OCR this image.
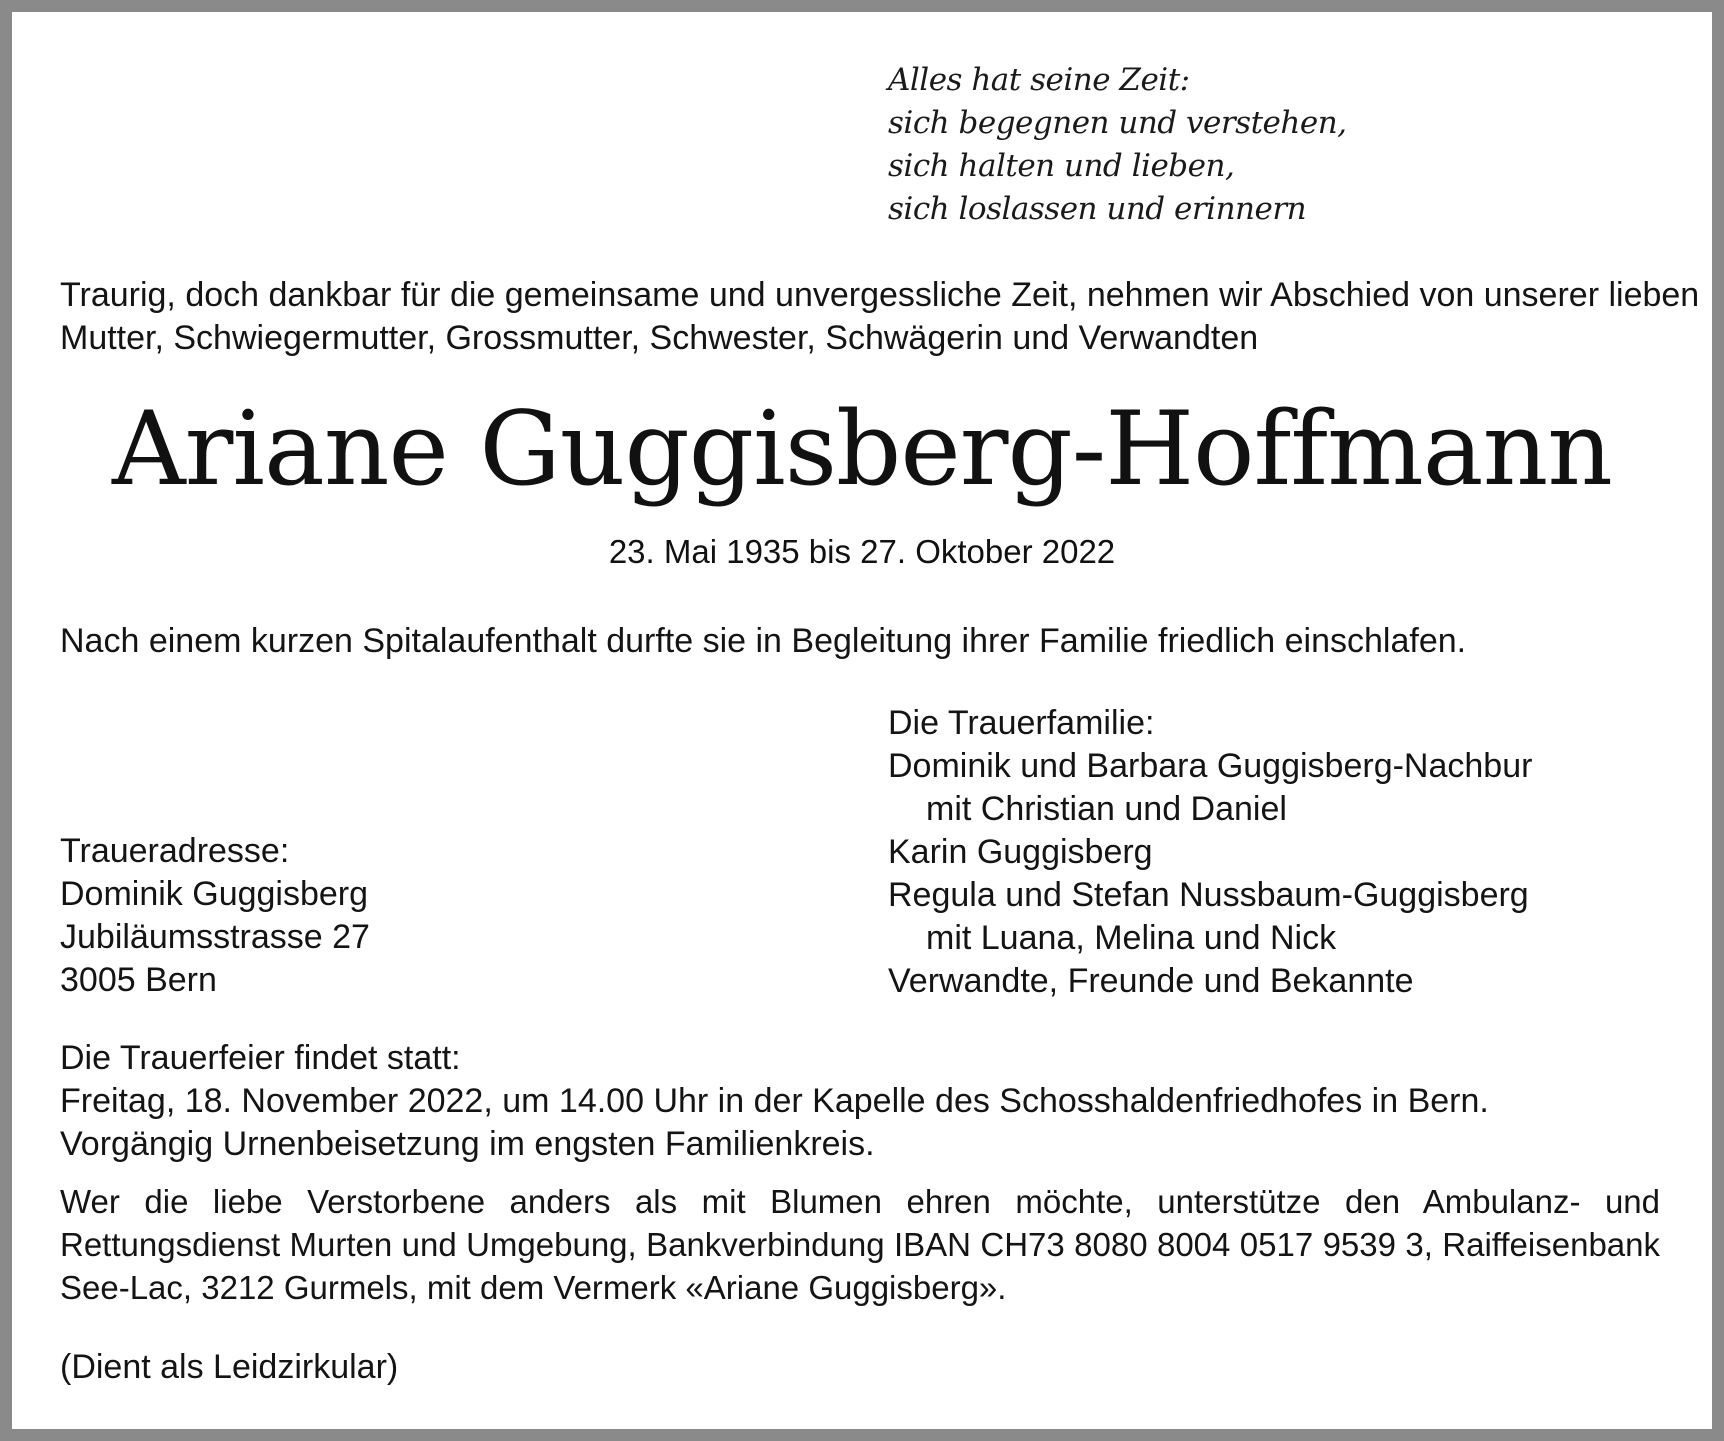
Alles hat seine Zeit:
sich begegnen und verstehen,
sich halten und lieben,
sich loslassen und erinnern
Traurig, doch dankbar für die gemeinsame und unvergessliche Zeit, nehmen wir Abschied von unserer lieben
Mutter, Schwiegermutter, Grossmutter, Schwester, Schwägerin und Verwandten
Ariane Guggisberg-Hoffmann
23. Mai 1935 bis 27. Oktober 2022
Nach einem kurzen Spitalaufenthalt durfte sie in Begleitung ihrer Familie friedlich einschlafen.
Die Trauerfamilie:
Dominik und Barbara Guggisberg-Nachbur
mit Christian und Daniel
Karin Guggisberg
Regula und Stefan Nussbaum-Guggisberg
mit Luana, Melina und Nick
Verwandte, Freunde und Bekannte
Traueradresse:
Dominik Guggisberg
Jubiläumsstrasse 27
3005 Bern
Die Trauerfeier findet statt:
Freitag, 18. November 2022, um 14.00 Uhr in der Kapelle des Schosshaldenfriedhofes in Bern.
Vorgängig Urnenbeisetzung im engsten Familienkreis.
Wer die liebe Verstorbene anders als mit Blumen ehren möchte, unterstütze den Ambulanz- und Rettungsdienst Murten und Umgebung, Bankverbindung IBAN CH73 8080 8004 0517 9539 3, Raiffeisenbank See-Lac, 3212 Gurmels, mit dem Vermerk «Ariane Guggisberg».
(Dient als Leidzirkular)
